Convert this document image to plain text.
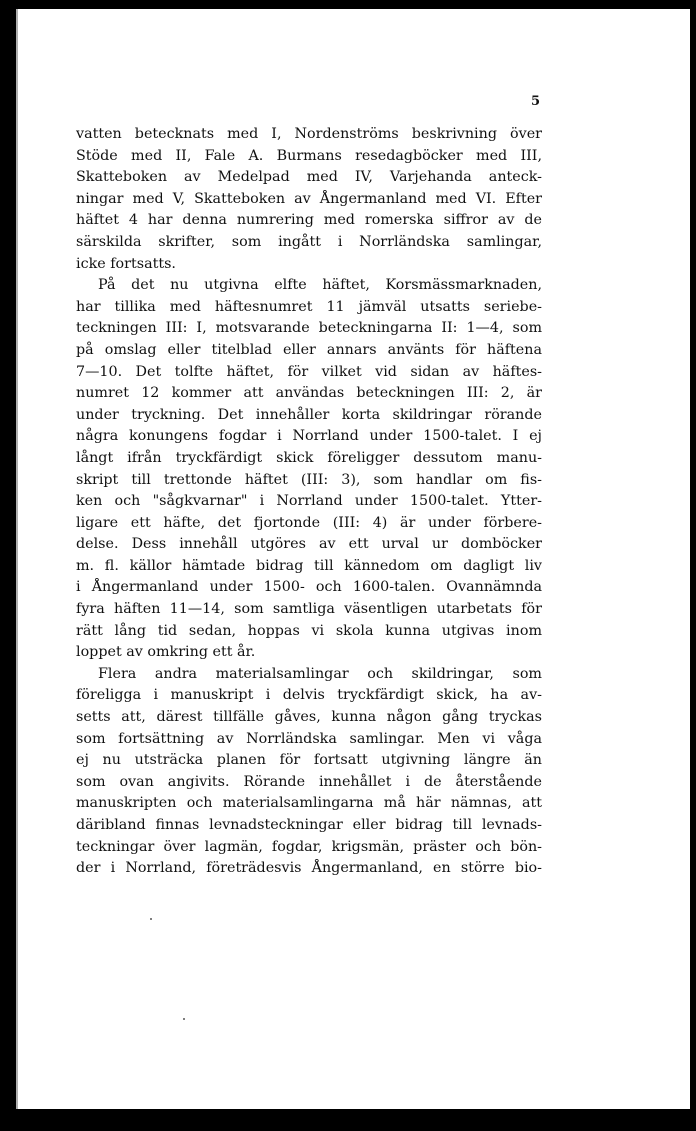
5
vatten betecknats med I, Nordenströms beskrivning över
Stöde med II, Fale A. Burmans resedagböcker med III,
Skatteboken av Medelpad med IV, Varjehanda anteck-
ningar med V, Skatteboken av Ångermanland med VI. Efter
häftet 4 har denna numrering med romerska siffror av de
särskilda skrifter, som ingått i Norrländska samlingar,
icke fortsatts.
På det nu utgivna elfte häftet, Korsmässmarknaden,
har tillika med häftesnumret 11 jämväl utsatts seriebe-
teckningen III: I, motsvarande beteckningarna II: 1—4, som
på omslag eller titelblad eller annars använts för häftena
7—10. Det tolfte häftet, för vilket vid sidan av häftes-
numret 12 kommer att användas beteckningen III: 2, är
under tryckning. Det innehåller korta skildringar rörande
några konungens fogdar i Norrland under 1500-talet. I ej
långt ifrån tryckfärdigt skick föreligger dessutom manu-
skript till trettonde häftet (III: 3), som handlar om fis-
ken och "sågkvarnar" i Norrland under 1500-talet. Ytter-
ligare ett häfte, det fjortonde (III: 4) är under förbere-
delse. Dess innehåll utgöres av ett urval ur domböcker
m. fl. källor hämtade bidrag till kännedom om dagligt liv
i Ångermanland under 1500- och 1600-talen. Ovannämnda
fyra häften 11—14, som samtliga väsentligen utarbetats för
rätt lång tid sedan, hoppas vi skola kunna utgivas inom
loppet av omkring ett år.
Flera andra materialsamlingar och skildringar, som
föreligga i manuskript i delvis tryckfärdigt skick, ha av-
setts att, därest tillfälle gåves, kunna någon gång tryckas
som fortsättning av Norrländska samlingar. Men vi våga
ej nu utsträcka planen för fortsatt utgivning längre än
som ovan angivits. Rörande innehållet i de återstående
manuskripten och materialsamlingarna må här nämnas, att
däribland finnas levnadsteckningar eller bidrag till levnads-
teckningar över lagmän, fogdar, krigsmän, präster och bön-
der i Norrland, företrädesvis Ångermanland, en större bio-
